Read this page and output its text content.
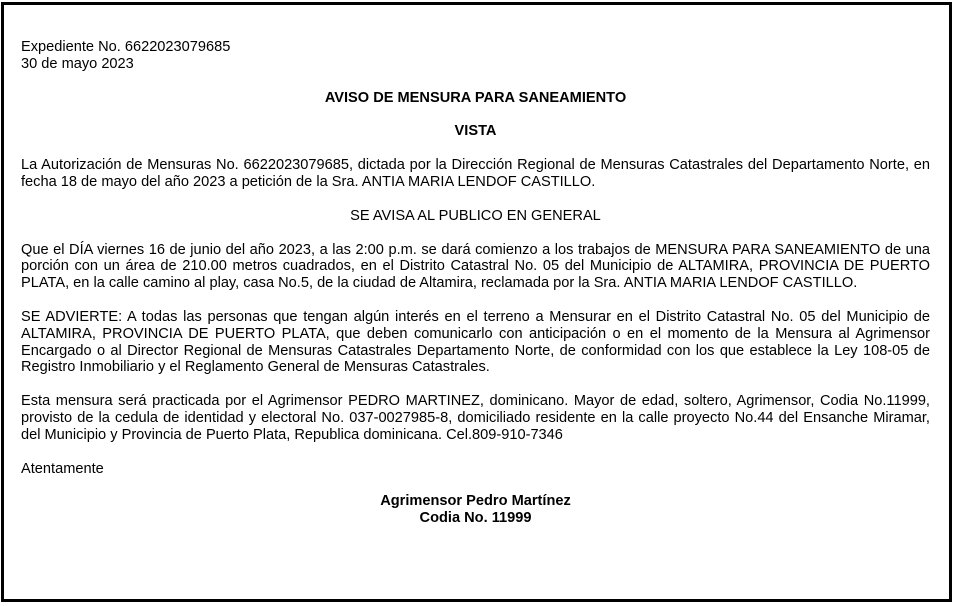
Expediente No. 6622023079685
30 de mayo 2023
AVISO DE MENSURA PARA SANEAMIENTO
VISTA

La Autorización de Mensuras No. 6622023079685, dictada por la Dirección Regional de Mensuras Catastrales del Departamento Norte, en fecha 18 de mayo del año 2023 a petición de la Sra. ANTIA MARIA LENDOF CASTILLO.

SE AVISA AL PUBLICO EN GENERAL

Que el DÍA viernes 16 de junio del año 2023, a las 2:00 p.m. se dará comienzo a los trabajos de MENSURA PARA SANEAMIENTO de una porción con un área de 210.00 metros cuadrados, en el Distrito Catastral No. 05 del Municipio de ALTAMIRA, PROVINCIA DE PUERTO PLATA, en la calle camino al play, casa No.5, de la ciudad de Altamira, reclamada por la Sra. ANTIA MARIA LENDOF CASTILLO.

SE ADVIERTE: A todas las personas que tengan algún interés en el terreno a Mensurar en el Distrito Catastral No. 05 del Municipio de ALTAMIRA, PROVINCIA DE PUERTO PLATA, que deben comunicarlo con anticipación o en el momento de la Mensura al Agrimensor Encargado o al Director Regional de Mensuras Catastrales Departamento Norte, de conformidad con los que establece la Ley 108-05 de Registro Inmobiliario y el Reglamento General de Mensuras Catastrales.

Esta mensura será practicada por el Agrimensor PEDRO MARTINEZ, dominicano. Mayor de edad, soltero, Agrimensor, Codia No.11999, provisto de la cedula de identidad y electoral No. 037-0027985-8, domiciliado residente en la calle proyecto No.44 del Ensanche Miramar, del Municipio y Provincia de Puerto Plata, Republica dominicana. Cel.809-910-7346

Atentamente
Agrimensor Pedro Martínez
Codia No. 11999
